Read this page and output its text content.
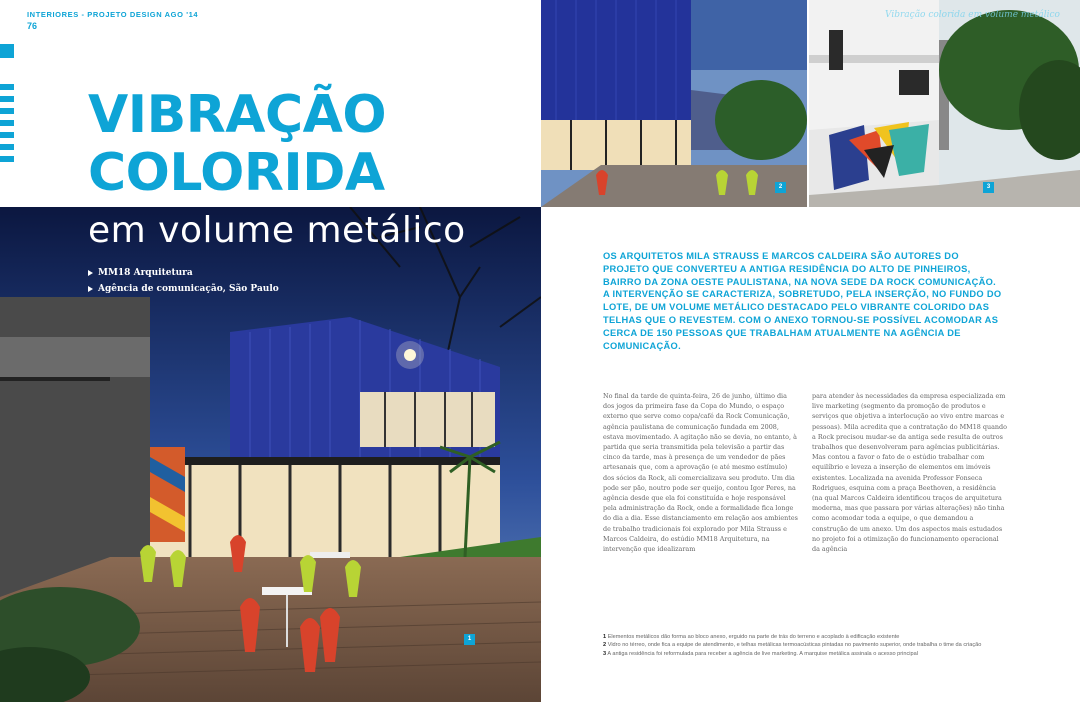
INTERIORES - PROJETO DESIGN AGO '14
76
VIBRAÇÃO
COLORIDA
1
em volume metálico
MM18 Arquitetura
Agência de comunicação, São Paulo
2
Vibração colorida em volume metálico
3
OS ARQUITETOS MILA STRAUSS E MARCOS CALDEIRA SÃO AUTORES DO PROJETO QUE CONVERTEU A ANTIGA RESIDÊNCIA DO ALTO DE PINHEIROS, BAIRRO DA ZONA OESTE PAULISTANA, NA NOVA SEDE DA ROCK COMUNICAÇÃO. A INTERVENÇÃO SE CARACTERIZA, SOBRETUDO, PELA INSERÇÃO, NO FUNDO DO LOTE, DE UM VOLUME METÁLICO DESTACADO PELO VIBRANTE COLORIDO DAS TELHAS QUE O REVESTEM. COM O ANEXO TORNOU-SE POSSÍVEL ACOMODAR AS CERCA DE 150 PESSOAS QUE TRABALHAM ATUALMENTE NA AGÊNCIA DE COMUNICAÇÃO.
No final da tarde de quinta-feira, 26 de junho, último dia dos jogos da primeira fase da Copa do Mundo, o espaço externo que serve como copa/café da Rock Comunicação, agência paulistana de comunicação fundada em 2008, estava movimentado. A agitação não se devia, no entanto, à partida que seria transmitida pela televisão a partir das cinco da tarde, mas à presença de um vendedor de pães artesanais que, com a aprovação (e até mesmo estímulo) dos sócios da Rock, ali comercializava seu produto. Um dia pode ser pão, noutro pode ser queijo, contou Igor Peres, na agência desde que ela foi constituída e hoje responsável pela administração da Rock, onde a formalidade fica longe do dia a dia. Esse distanciamento em relação aos ambientes de trabalho tradicionais foi explorado por Mila Strauss e Marcos Caldeira, do estúdio MM18 Arquitetura, na intervenção que idealizaram
para atender às necessidades da empresa especializada em live marketing (segmento da promoção de produtos e serviços que objetiva a interlocução ao vivo entre marcas e pessoas). Mila acredita que a contratação do MM18 quando a Rock precisou mudar-se da antiga sede resulta de outros trabalhos que desenvolveram para agências publicitárias. Mas contou a favor o fato de o estúdio trabalhar com equilíbrio e leveza a inserção de elementos em imóveis existentes. Localizada na avenida Professor Fonseca Rodrigues, esquina com a praça Beethoven, a residência (na qual Marcos Caldeira identificou traços de arquitetura moderna, mas que passara por várias alterações) não tinha como acomodar toda a equipe, o que demandou a construção de um anexo. Um dos aspectos mais estudados no projeto foi a otimização do funcionamento operacional da agência
1 Elementos metálicos dão forma ao bloco anexo, erguido na parte de trás do terreno e acoplado à edificação existente
2 Vidro no térreo, onde fica a equipe de atendimento, e telhas metálicas termoacústicas pintadas no pavimento superior, onde trabalha o time da criação
3 A antiga residência foi reformulada para receber a agência de live marketing. A marquise metálica assinala o acesso principal
